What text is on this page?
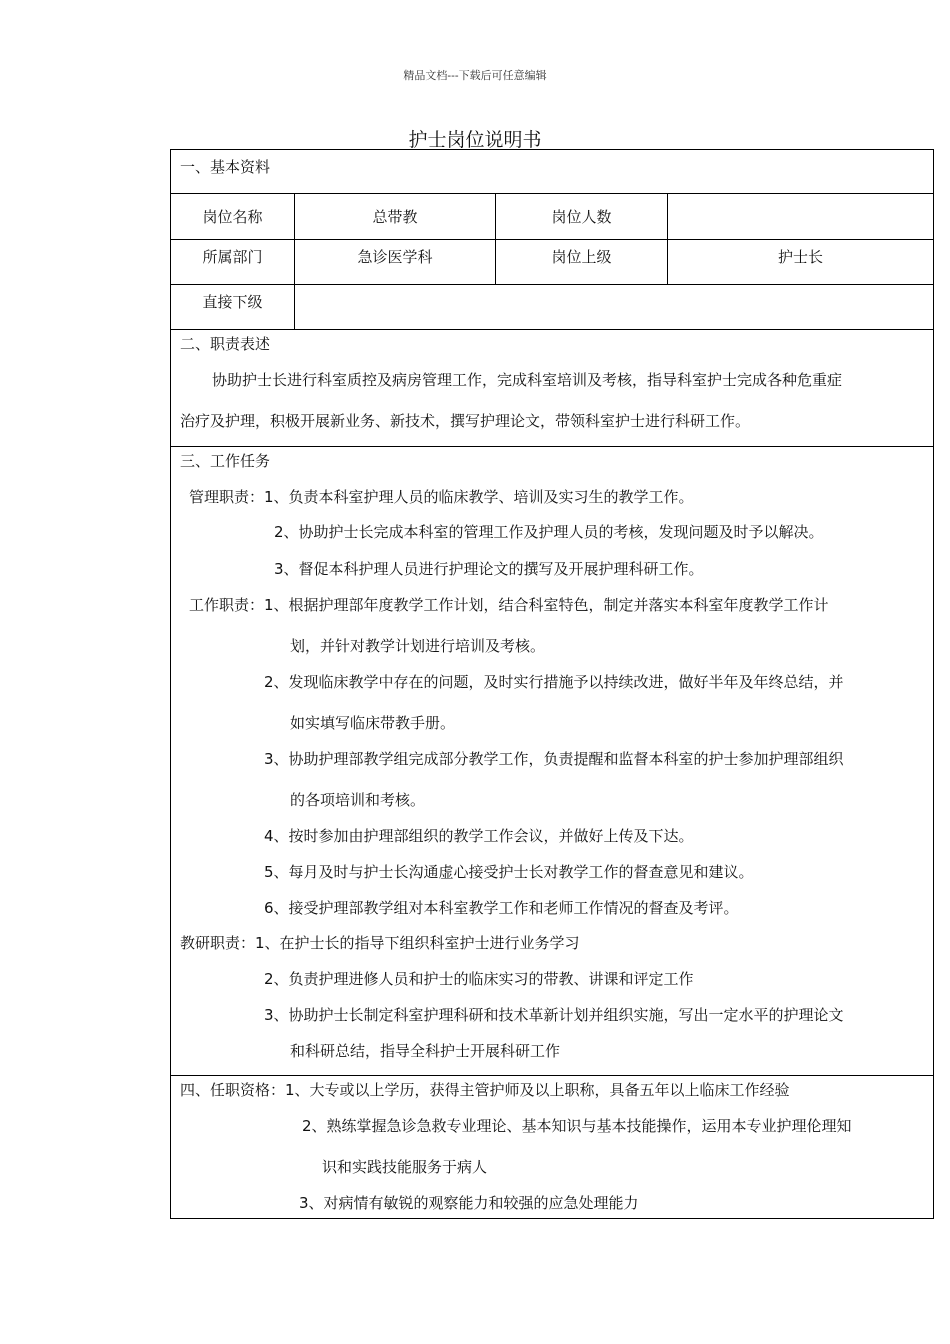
精品文档---下载后可任意编辑
护士岗位说明书
一、基本资料
岗位名称	总带教	岗位人数
所属部门	急诊医学科	岗位上级	护士长
直接下级
二、职责表述
协助护士长进行科室质控及病房管理工作，完成科室培训及考核，指导科室护士完成各种危重症
治疗及护理，积极开展新业务、新技术，撰写护理论文，带领科室护士进行科研工作。
三、工作任务
管理职责：1、负责本科室护理人员的临床教学、培训及实习生的教学工作。
2、协助护士长完成本科室的管理工作及护理人员的考核，发现问题及时予以解决。
3、督促本科护理人员进行护理论文的撰写及开展护理科研工作。
工作职责：1、根据护理部年度教学工作计划，结合科室特色，制定并落实本科室年度教学工作计
划，并针对教学计划进行培训及考核。
2、发现临床教学中存在的问题，及时实行措施予以持续改进，做好半年及年终总结，并
如实填写临床带教手册。
3、协助护理部教学组完成部分教学工作，负责提醒和监督本科室的护士参加护理部组织
的各项培训和考核。
4、按时参加由护理部组织的教学工作会议，并做好上传及下达。
5、每月及时与护士长沟通虚心接受护士长对教学工作的督查意见和建议。
6、接受护理部教学组对本科室教学工作和老师工作情况的督查及考评。
教研职责：1、在护士长的指导下组织科室护士进行业务学习
2、负责护理进修人员和护士的临床实习的带教、讲课和评定工作
3、协助护士长制定科室护理科研和技术革新计划并组织实施，写出一定水平的护理论文
和科研总结，指导全科护士开展科研工作
四、任职资格：1、大专或以上学历，获得主管护师及以上职称，具备五年以上临床工作经验
2、熟练掌握急诊急救专业理论、基本知识与基本技能操作，运用本专业护理伦理知
识和实践技能服务于病人
3、对病情有敏锐的观察能力和较强的应急处理能力
